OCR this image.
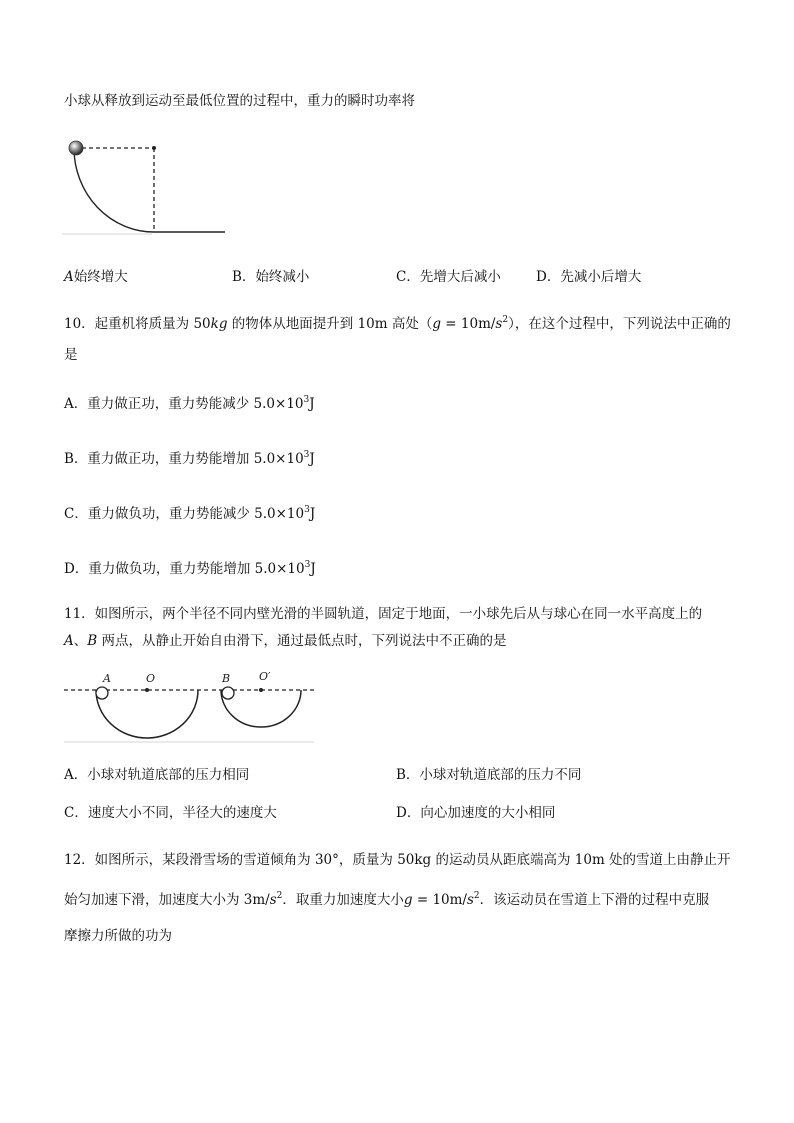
小球从释放到运动至最低位置的过程中，重力的瞬时功率将
A始终增大	B．始终减小	C．先增大后减小	D．先减小后增大
10．起重机将质量为 50kg 的物体从地面提升到 10m 高处$(g = 10m/s^2)$，在这个过程中，下列说法中正确的
是
A．重力做正功，重力势能减少 $5.0\times 10^3J$
B．重力做正功，重力势能增加 $5.0\times 10^3J$
C．重力做负功，重力势能减少 $5.0\times 10^3J$
D．重力做负功，重力势能增加 $5.0\times 10^3J$
11．如图所示，两个半径不同内壁光滑的半圆轨道，固定于地面，一小球先后从与球心在同一水平高度上的
A、B 两点，从静止开始自由滑下，通过最低点时，下列说法中不正确的是
A	O	B	O′
A．小球对轨道底部的压力相同	B．小球对轨道底部的压力不同
C．速度大小不同，半径大的速度大	D．向心加速度的大小相同
12．如图所示，某段滑雪场的雪道倾角为 30°，质量为 50kg 的运动员从距底端高为 10m 处的雪道上由静止开
始匀加速下滑，加速度大小为 $3m/s^2$．取重力加速度大小$g = 10m/s^2$．该运动员在雪道上下滑的过程中克服
摩擦力所做的功为
